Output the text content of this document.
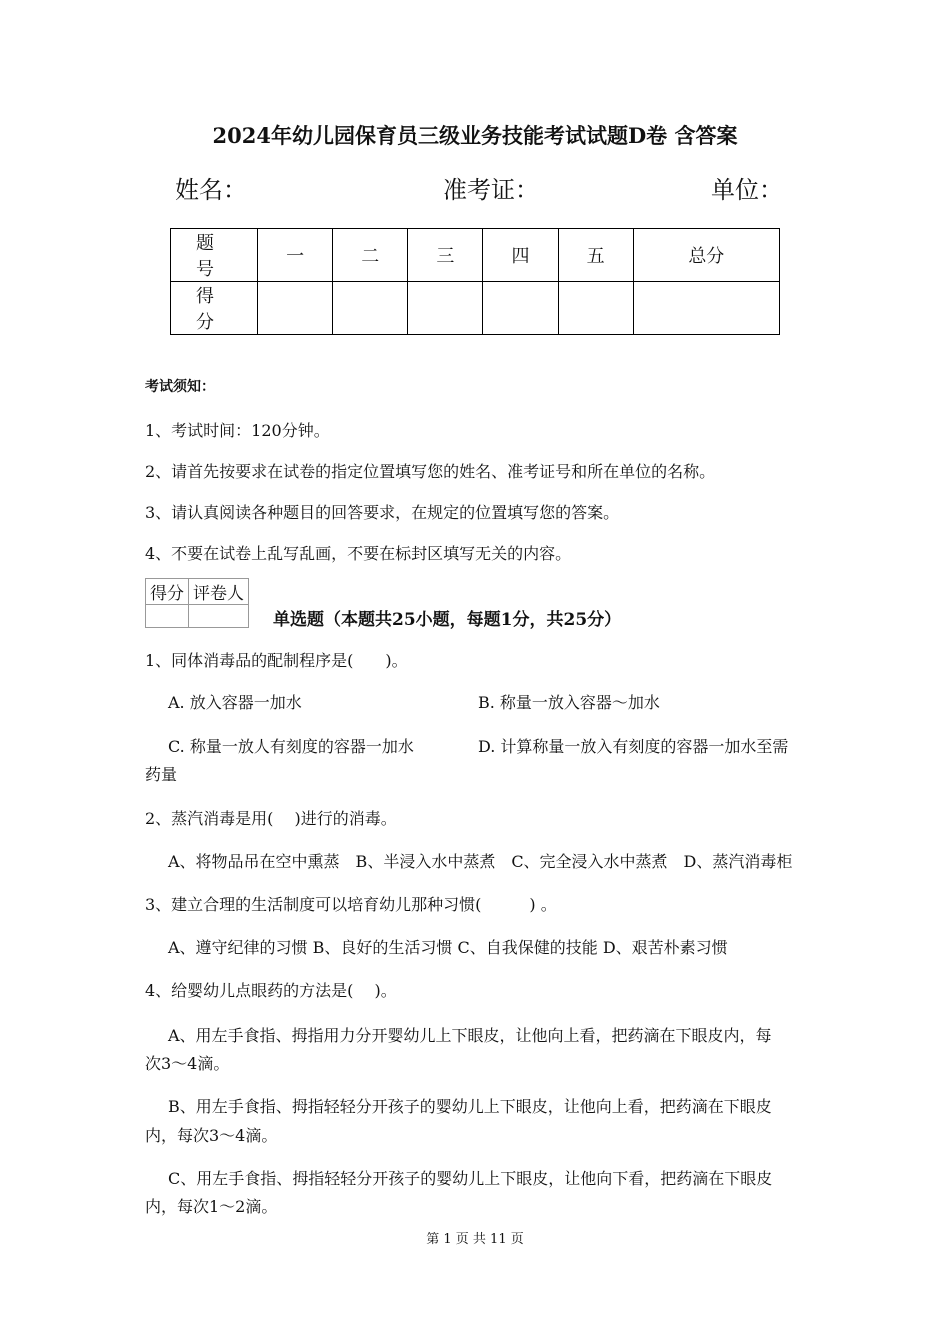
2024年幼儿园保育员三级业务技能考试试题D卷 含答案
姓名：	准考证：	单位：
题 号	一	二	三	四	五	总分
得 分						
考试须知：
1、考试时间：120分钟。
2、请首先按要求在试卷的指定位置填写您的姓名、准考证号和所在单位的名称。
3、请认真阅读各种题目的回答要求，在规定的位置填写您的答案。
4、不要在试卷上乱写乱画，不要在标封区填写无关的内容。
得分	评卷人

单选题（本题共25小题，每题1分，共25分）
1、同体消毒品的配制程序是(　　)。
A. 放入容器一加水	B. 称量一放入容器～加水
C. 称量一放人有刻度的容器一加水	D. 计算称量一放入有刻度的容器一加水至需
药量
2、蒸汽消毒是用(　 )进行的消毒。
A、将物品吊在空中熏蒸　B、半浸入水中蒸煮　C、完全浸入水中蒸煮　D、蒸汽消毒柜
3、建立合理的生活制度可以培育幼儿那种习惯(　　　) 。
A、遵守纪律的习惯 B、良好的生活习惯 C、自我保健的技能 D、艰苦朴素习惯
4、给婴幼儿点眼药的方法是(　 )。
A、用左手食指、拇指用力分开婴幼儿上下眼皮，让他向上看，把药滴在下眼皮内，每
次3～4滴。
B、用左手食指、拇指轻轻分开孩子的婴幼儿上下眼皮，让他向上看，把药滴在下眼皮
内，每次3～4滴。
C、用左手食指、拇指轻轻分开孩子的婴幼儿上下眼皮，让他向下看，把药滴在下眼皮
内，每次1～2滴。
第 1 页 共 11 页
